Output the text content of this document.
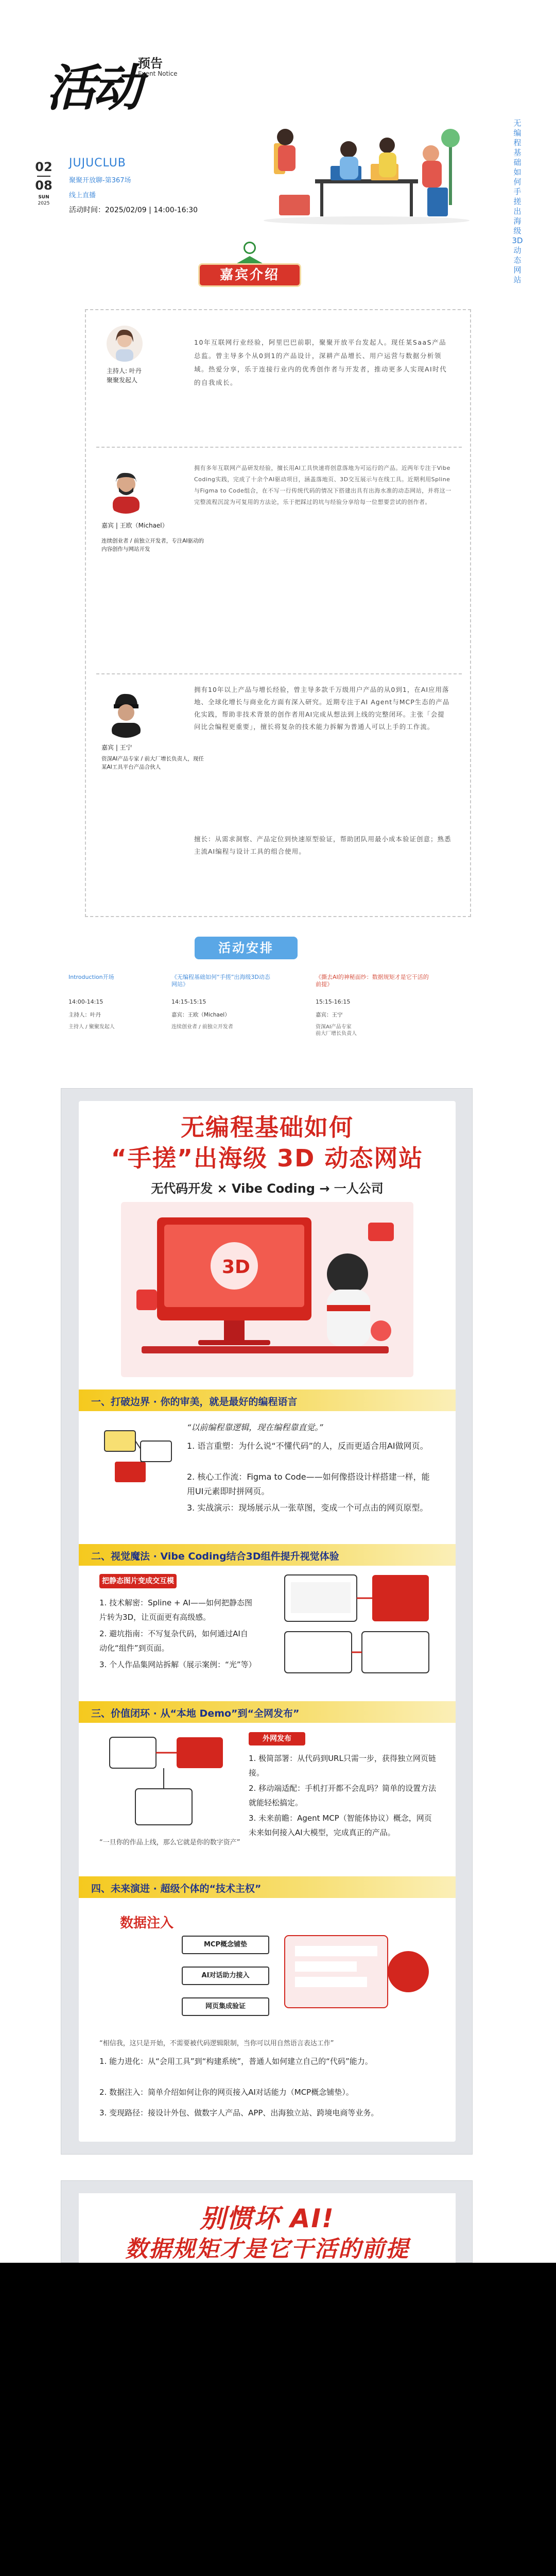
活动
预告
Event Notice
无编程基础如何手搓出海级3D动态网站
02
08
SUN
2025
JUJUCLUB
聚聚开放聊-第367场
线上直播
活动时间：2025/02/09 | 14:00-16:30
嘉宾介绍
主持人: 叶丹
聚聚发起人
10年互联网行业经验，阿里巴巴前职，聚聚开放平台发起人。现任某SaaS产品总监。曾主导多个从0到1的产品设计，深耕产品增长、用户运营与数据分析领域。热爱分享，乐于连接行业内的优秀创作者与开发者，推动更多人实现AI时代的自我成长。
嘉宾 | 王欧（Michael）
连续创业者 / 前独立开发者，专注AI驱动的内容创作与网站开发
拥有多年互联网产品研发经验，擅长用AI工具快速将创意落地为可运行的产品。近两年专注于Vibe Coding实践，完成了十余个AI驱动项目，涵盖落地页、3D交互展示与在线工具。近期利用Spline与Figma to Code组合，在不写一行传统代码的情况下搭建出具有出海水准的动态网站，并将这一完整流程沉淀为可复用的方法论，乐于把踩过的坑与经验分享给每一位想要尝试的创作者。
嘉宾 | 王宁
资深AI产品专家 / 前大厂增长负责人，现任某AI工具平台产品合伙人
拥有10年以上产品与增长经验，曾主导多款千万级用户产品的从0到1，在AI应用落地、全球化增长与商业化方面有深入研究。近期专注于AI Agent与MCP生态的产品化实践，帮助非技术背景的创作者用AI完成从想法到上线的完整闭环。主张「会提问比会编程更重要」，擅长将复杂的技术能力拆解为普通人可以上手的工作流。
擅长：从需求洞察、产品定位到快速原型验证，帮助团队用最小成本验证创意；熟悉主流AI编程与设计工具的组合使用。
活动安排
Introduction开场
14:00-14:15
主持人：叶丹
主持人 / 聚聚发起人
《无编程基础如何“手搓”出海级3D动态网站》
14:15-15:15
嘉宾：王欧（Michael）
连续创业者 / 前独立开发者
《撕去AI的神秘面纱：数据规矩才是它干活的前提》
15:15-16:15
嘉宾：王宁
资深AI产品专家
前大厂增长负责人
无编程基础如何
“手搓”出海级 3D 动态网站
无代码开发 × Vibe Coding → 一人公司
3D
一、打破边界 · 你的审美，就是最好的编程语言
“以前编程靠逻辑，现在编程靠直觉。”
1. 语言重塑：为什么说“不懂代码”的人，反而更适合用AI做网页。
2. 核心工作流：Figma to Code——如何像搭设计样搭建一样，能用UI元素即时拼网页。
3. 实战演示：现场展示从一张草图，变成一个可点击的网页原型。
二、视觉魔法 · Vibe Coding结合3D组件提升视觉体验
把静态图片变成交互模型
1. 技术解密：Spline + AI——如何把静态图片转为3D，让页面更有高级感。
2. 避坑指南：不写复杂代码，如何通过AI自动化“组件”到页面。
3. 个人作品集网站拆解（展示案例：“光”等）
三、价值闭环 · 从“本地 Demo”到“全网发布”
外网发布
“一旦你的作品上线，那么它就是你的数字资产”
1. 极简部署：从代码到URL只需一步，获得独立网页链接。
2. 移动端适配：手机打开都不会乱吗？简单的设置方法就能轻松搞定。
3. 未来前瞻：Agent MCP（智能体协议）概念，网页未来如何接入AI大模型，完成真正的产品。
四、未来演进 · 超级个体的“技术主权”
数据注入
MCP概念铺垫
AI对话助力接入
网页集成验证
“相信我，这只是开始，不需要被代码逻辑限制，当你可以用自然语言表达工作”
1. 能力进化：从“会用工具”到“构建系统”，普通人如何建立自己的“代码”能力。
2. 数据注入：简单介绍如何让你的网页接入AI对话能力（MCP概念铺垫）。
3. 变现路径：接设计外包、做数字人产品、APP、出海独立站、跨境电商等业务。
别惯坏 AI!
数据规矩才是它干活的前提
